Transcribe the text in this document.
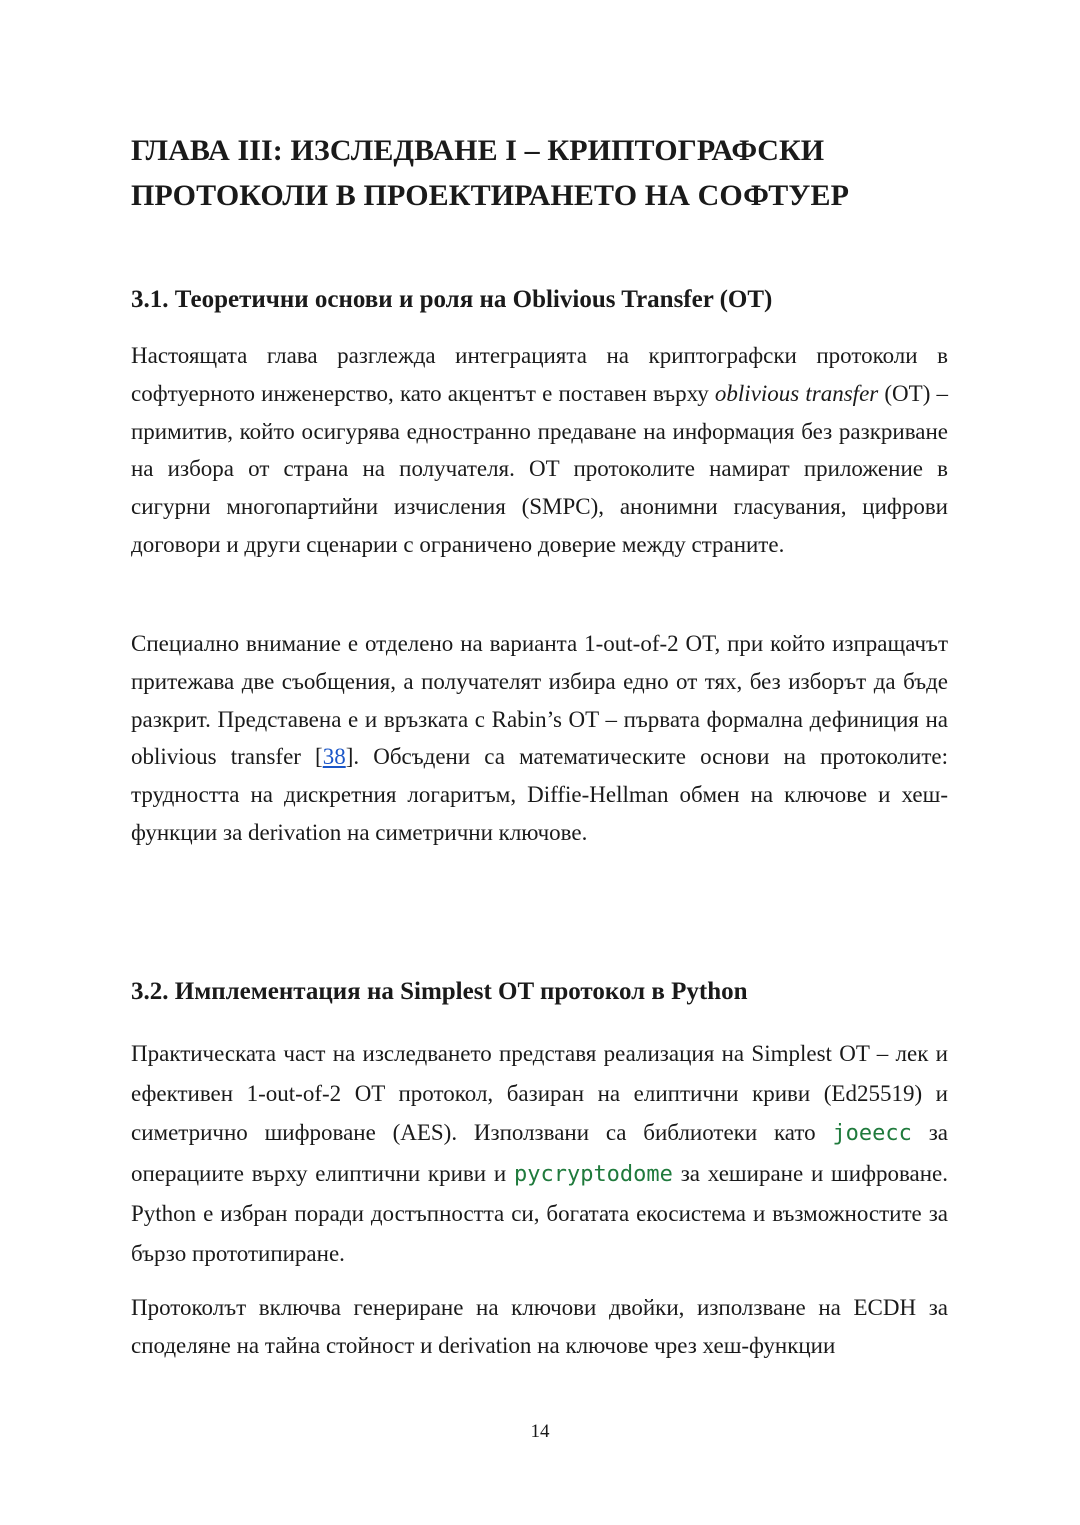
ГЛАВА III: ИЗСЛЕДВАНЕ I – КРИПТОГРАФСКИ
ПРОТОКОЛИ В ПРОЕКТИРАНЕТО НА СОФТУЕР
3.1. Теоретични основи и роля на Oblivious Transfer (OT)

Настоящата глава разглежда интеграцията на криптографски протоколи в софтуерното инженерство, като акцентът е поставен върху oblivious transfer (OT) – примитив, който осигурява едностранно предаване на информация без разкриване на избора от страна на получателя. OT протоколите намират приложение в сигурни многопартийни изчисления (SMPC), анонимни гласувания, цифрови договори и други сценарии с ограничено доверие между страните.

Специално внимание е отделено на варианта 1-out-of-2 OT, при който изпращачът притежава две съобщения, а получателят избира едно от тях, без изборът да бъде разкрит. Представена е и връзката с Rabin’s OT – първата формална дефиниция на oblivious transfer [38]. Обсъдени са математическите основи на протоколите: трудността на дискретния логаритъм, Diffie-Hellman обмен на ключове и хеш-функции за derivation на симетрични ключове.

3.2. Имплементация на Simplest OT протокол в Python

Практическата част на изследването представя реализация на Simplest OT – лек и ефективен 1-out-of-2 OT протокол, базиран на елиптични криви (Ed25519) и симетрично шифроване (AES). Използвани са библиотеки като joeecc за операциите върху елиптични криви и pycryptodome за хеширане и шифроване. Python е избран поради достъпността си, богатата екосистема и възможностите за бързо прототипиране.

Протоколът включва генериране на ключови двойки, използване на ECDH за споделяне на тайна стойност и derivation на ключове чрез хеш-функции

14
